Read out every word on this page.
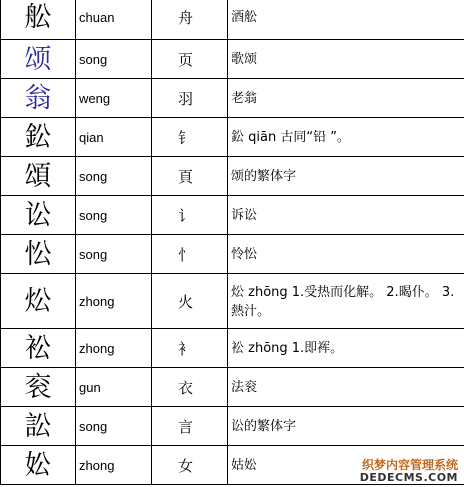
舩	chuan	舟	酒舩
颂	song	页	歌颂
翁	weng	羽	老翁
鈆	qian	钅	鈆 qiān 古同“铅 ”。
頌	song	頁	颂的繁体字
讼	song	讠	诉讼
忪	song	忄	怜忪
炂	zhong	火	炂 zhōng 1.受热而化解。 2.暍仆。 3.熱汁。
衳	zhong	衤	衳 zhōng 1.即裈。
衮	gun	衣	法衮
訟	song	言	讼的繁体字
妐	zhong	女	姑妐	织梦内容管理系统
DEDECMS.COM
